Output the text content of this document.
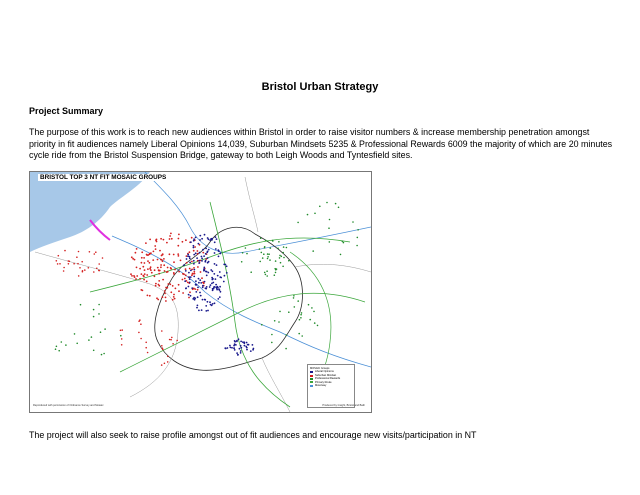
Bristol Urban Strategy
Project Summary
The purpose of this work is to reach new audiences within Bristol in order to raise visitor numbers & increase membership penetration amongst priority in fit audiences namely Liberal Opinions 14,039, Suburban Mindsets 5235 & Professional Rewards 6009 the majority of which are 20 minutes cycle ride from the Bristol Suspension Bridge, gateway to both Leigh Woods and Tyntesfield sites.
BRISTOL TOP 3 NT FIT MOSAIC GROUPS
MOSAIC Groups
Liberal Opinions
Suburban Mindset
Professional Rewards
Primary Route
Motorway
Reproduced with permission of Ordnance Survey and Mosaic	Produced by Insight, Bristol and Bath
The project will also seek to raise profile amongst out of fit audiences and encourage new visits/participation in NT
